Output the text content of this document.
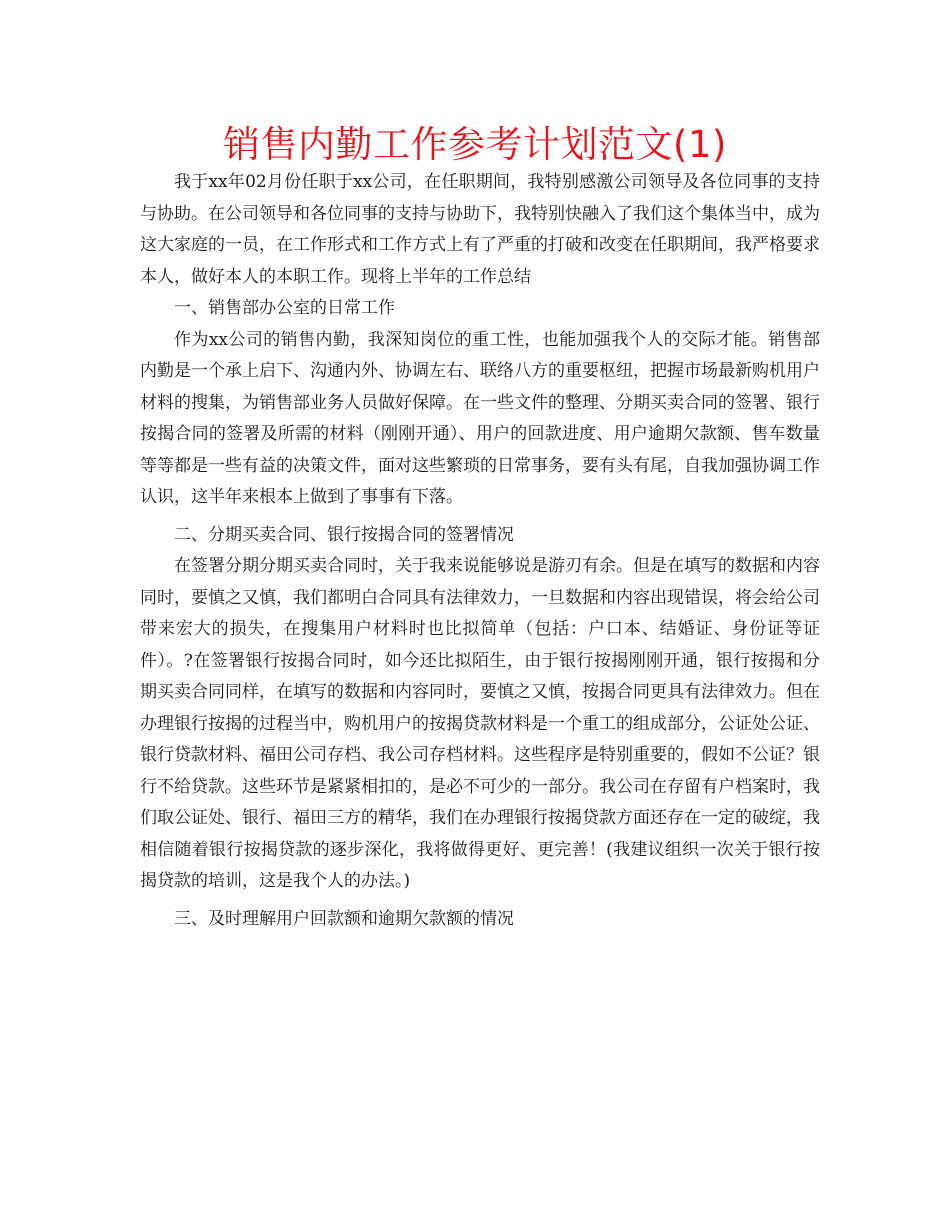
销售内勤工作参考计划范文(1)

我于xx年02月份任职于xx公司，在任职期间，我特别感激公司领导及各位同事的支持与协助。在公司领导和各位同事的支持与协助下，我特别快融入了我们这个集体当中，成为这大家庭的一员，在工作形式和工作方式上有了严重的打破和改变在任职期间，我严格要求本人，做好本人的本职工作。现将上半年的工作总结

一、销售部办公室的日常工作

作为xx公司的销售内勤，我深知岗位的重工性，也能加强我个人的交际才能。销售部内勤是一个承上启下、沟通内外、协调左右、联络八方的重要枢纽，把握市场最新购机用户材料的搜集，为销售部业务人员做好保障。在一些文件的整理、分期买卖合同的签署、银行按揭合同的签署及所需的材料（刚刚开通）、用户的回款进度、用户逾期欠款额、售车数量等等都是一些有益的决策文件，面对这些繁琐的日常事务，要有头有尾，自我加强协调工作认识，这半年来根本上做到了事事有下落。

二、分期买卖合同、银行按揭合同的签署情况

在签署分期分期买卖合同时，关于我来说能够说是游刃有余。但是在填写的数据和内容同时，要慎之又慎，我们都明白合同具有法律效力，一旦数据和内容出现错误，将会给公司带来宏大的损失，在搜集用户材料时也比拟简单（包括：户口本、结婚证、身份证等证件）。?在签署银行按揭合同时，如今还比拟陌生，由于银行按揭刚刚开通，银行按揭和分期买卖合同同样，在填写的数据和内容同时，要慎之又慎，按揭合同更具有法律效力。但在办理银行按揭的过程当中，购机用户的按揭贷款材料是一个重工的组成部分，公证处公证、银行贷款材料、福田公司存档、我公司存档材料。这些程序是特别重要的，假如不公证？银行不给贷款。这些环节是紧紧相扣的，是必不可少的一部分。我公司在存留有户档案时，我们取公证处、银行、福田三方的精华，我们在办理银行按揭贷款方面还存在一定的破绽，我相信随着银行按揭贷款的逐步深化，我将做得更好、更完善！(我建议组织一次关于银行按揭贷款的培训，这是我个人的办法。)

三、及时理解用户回款额和逾期欠款额的情况
